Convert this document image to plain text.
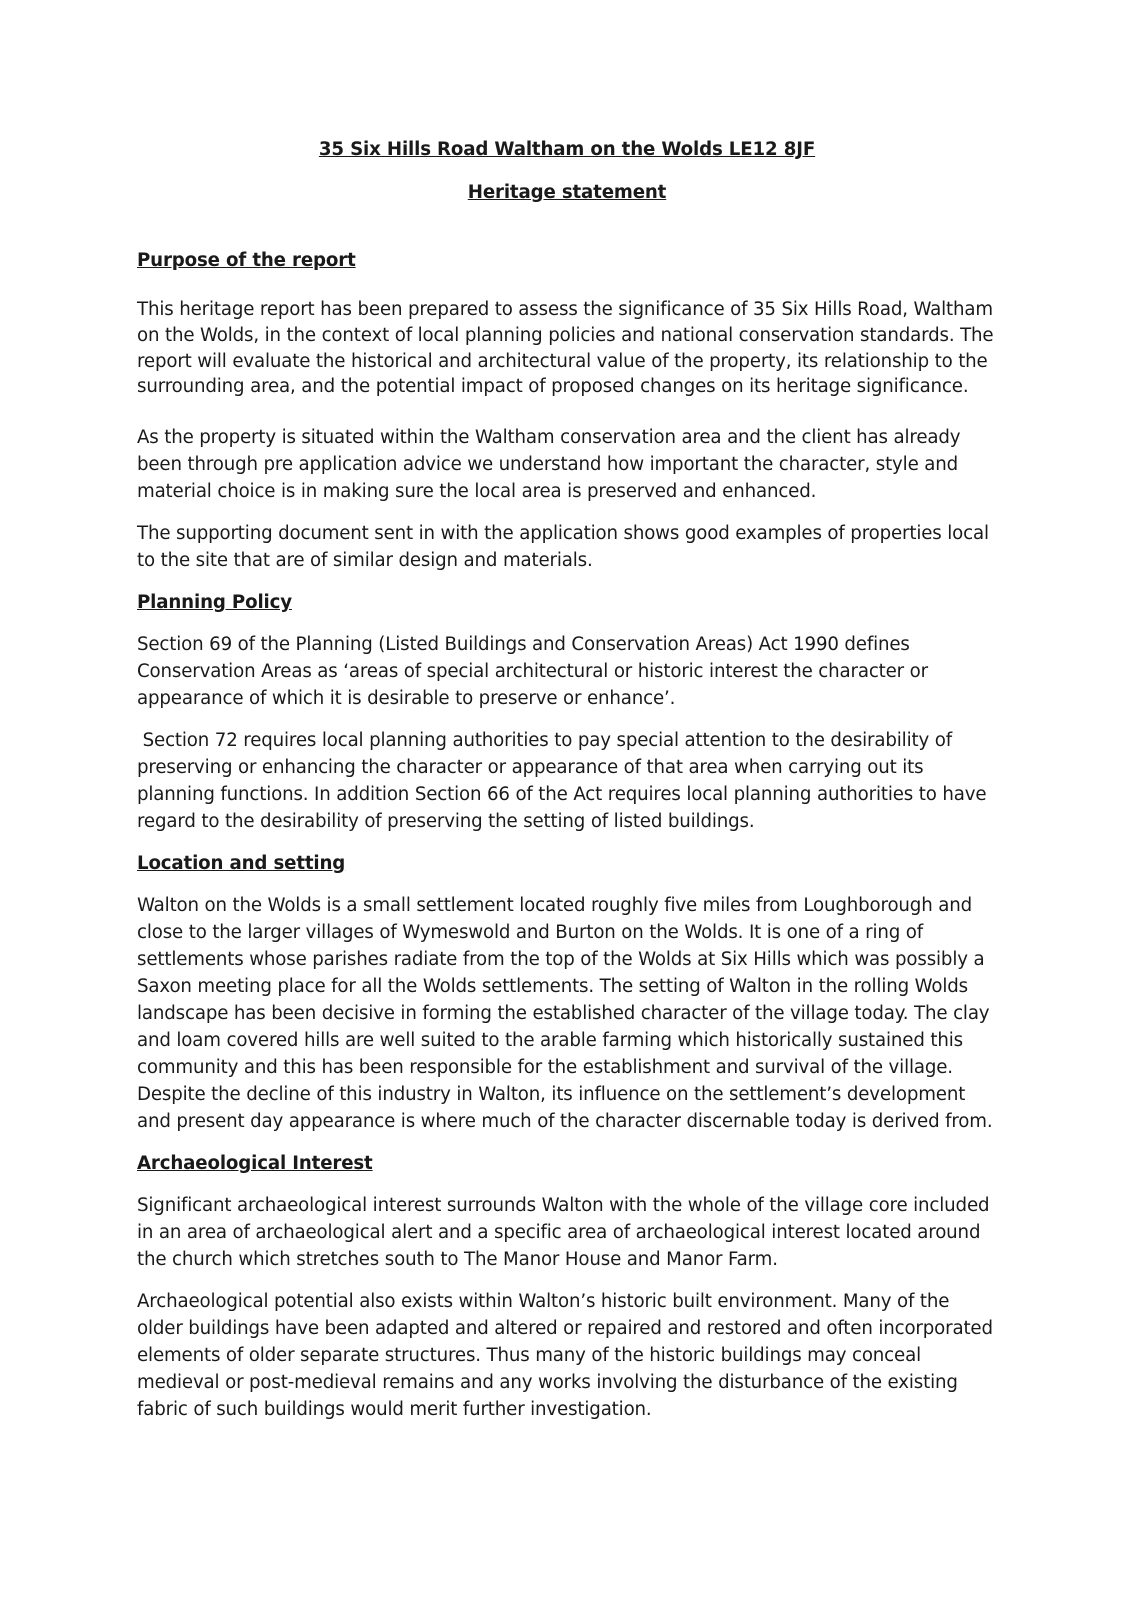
35 Six Hills Road Waltham on the Wolds LE12 8JF

Heritage statement

Purpose of the report

This heritage report has been prepared to assess the significance of 35 Six Hills Road, Waltham on the Wolds, in the context of local planning policies and national conservation standards. The report will evaluate the historical and architectural value of the property, its relationship to the surrounding area, and the potential impact of proposed changes on its heritage significance.

As the property is situated within the Waltham conservation area and the client has already been through pre application advice we understand how important the character, style and material choice is in making sure the local area is preserved and enhanced.

The supporting document sent in with the application shows good examples of properties local to the site that are of similar design and materials.

Planning Policy

Section 69 of the Planning (Listed Buildings and Conservation Areas) Act 1990 defines Conservation Areas as ‘areas of special architectural or historic interest the character or appearance of which it is desirable to preserve or enhance’.

Section 72 requires local planning authorities to pay special attention to the desirability of preserving or enhancing the character or appearance of that area when carrying out its planning functions. In addition Section 66 of the Act requires local planning authorities to have regard to the desirability of preserving the setting of listed buildings.

Location and setting

Walton on the Wolds is a small settlement located roughly five miles from Loughborough and close to the larger villages of Wymeswold and Burton on the Wolds. It is one of a ring of settlements whose parishes radiate from the top of the Wolds at Six Hills which was possibly a Saxon meeting place for all the Wolds settlements. The setting of Walton in the rolling Wolds landscape has been decisive in forming the established character of the village today. The clay and loam covered hills are well suited to the arable farming which historically sustained this community and this has been responsible for the establishment and survival of the village. Despite the decline of this industry in Walton, its influence on the settlement’s development and present day appearance is where much of the character discernable today is derived from.

Archaeological Interest

Significant archaeological interest surrounds Walton with the whole of the village core included in an area of archaeological alert and a specific area of archaeological interest located around the church which stretches south to The Manor House and Manor Farm.

Archaeological potential also exists within Walton’s historic built environment. Many of the older buildings have been adapted and altered or repaired and restored and often incorporated elements of older separate structures. Thus many of the historic buildings may conceal medieval or post-medieval remains and any works involving the disturbance of the existing fabric of such buildings would merit further investigation.
